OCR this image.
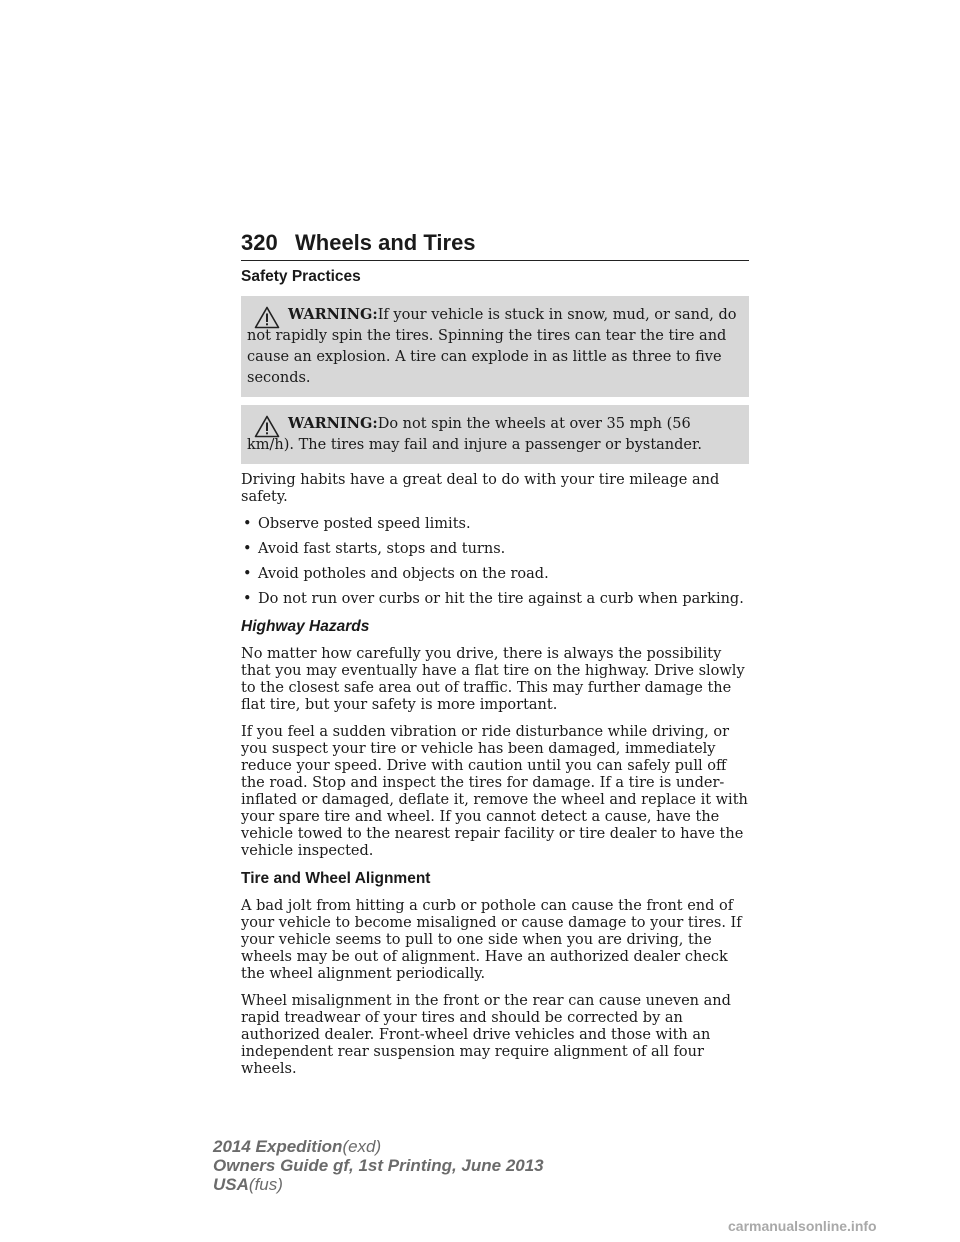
320 Wheels and Tires
Safety Practices

WARNING:If your vehicle is stuck in snow, mud, or sand, do not rapidly spin the tires. Spinning the tires can tear the tire and cause an explosion. A tire can explode in as little as three to five seconds.

WARNING:Do not spin the wheels at over 35 mph (56 km/h). The tires may fail and injure a passenger or bystander.

Driving habits have a great deal to do with your tire mileage and safety.

• Observe posted speed limits.
• Avoid fast starts, stops and turns.
• Avoid potholes and objects on the road.
• Do not run over curbs or hit the tire against a curb when parking.
Highway Hazards

No matter how carefully you drive, there is always the possibility that you may eventually have a flat tire on the highway. Drive slowly to the closest safe area out of traffic. This may further damage the flat tire, but your safety is more important.

If you feel a sudden vibration or ride disturbance while driving, or you suspect your tire or vehicle has been damaged, immediately reduce your speed. Drive with caution until you can safely pull off the road. Stop and inspect the tires for damage. If a tire is under-inflated or damaged, deflate it, remove the wheel and replace it with your spare tire and wheel. If you cannot detect a cause, have the vehicle towed to the nearest repair facility or tire dealer to have the vehicle inspected.

Tire and Wheel Alignment

A bad jolt from hitting a curb or pothole can cause the front end of your vehicle to become misaligned or cause damage to your tires. If your vehicle seems to pull to one side when you are driving, the wheels may be out of alignment. Have an authorized dealer check the wheel alignment periodically.

Wheel misalignment in the front or the rear can cause uneven and rapid treadwear of your tires and should be corrected by an authorized dealer. Front-wheel drive vehicles and those with an independent rear suspension may require alignment of all four wheels.

2014 Expedition(exd)
Owners Guide gf, 1st Printing, June 2013
USA(fus)
carmanualsonline.info
